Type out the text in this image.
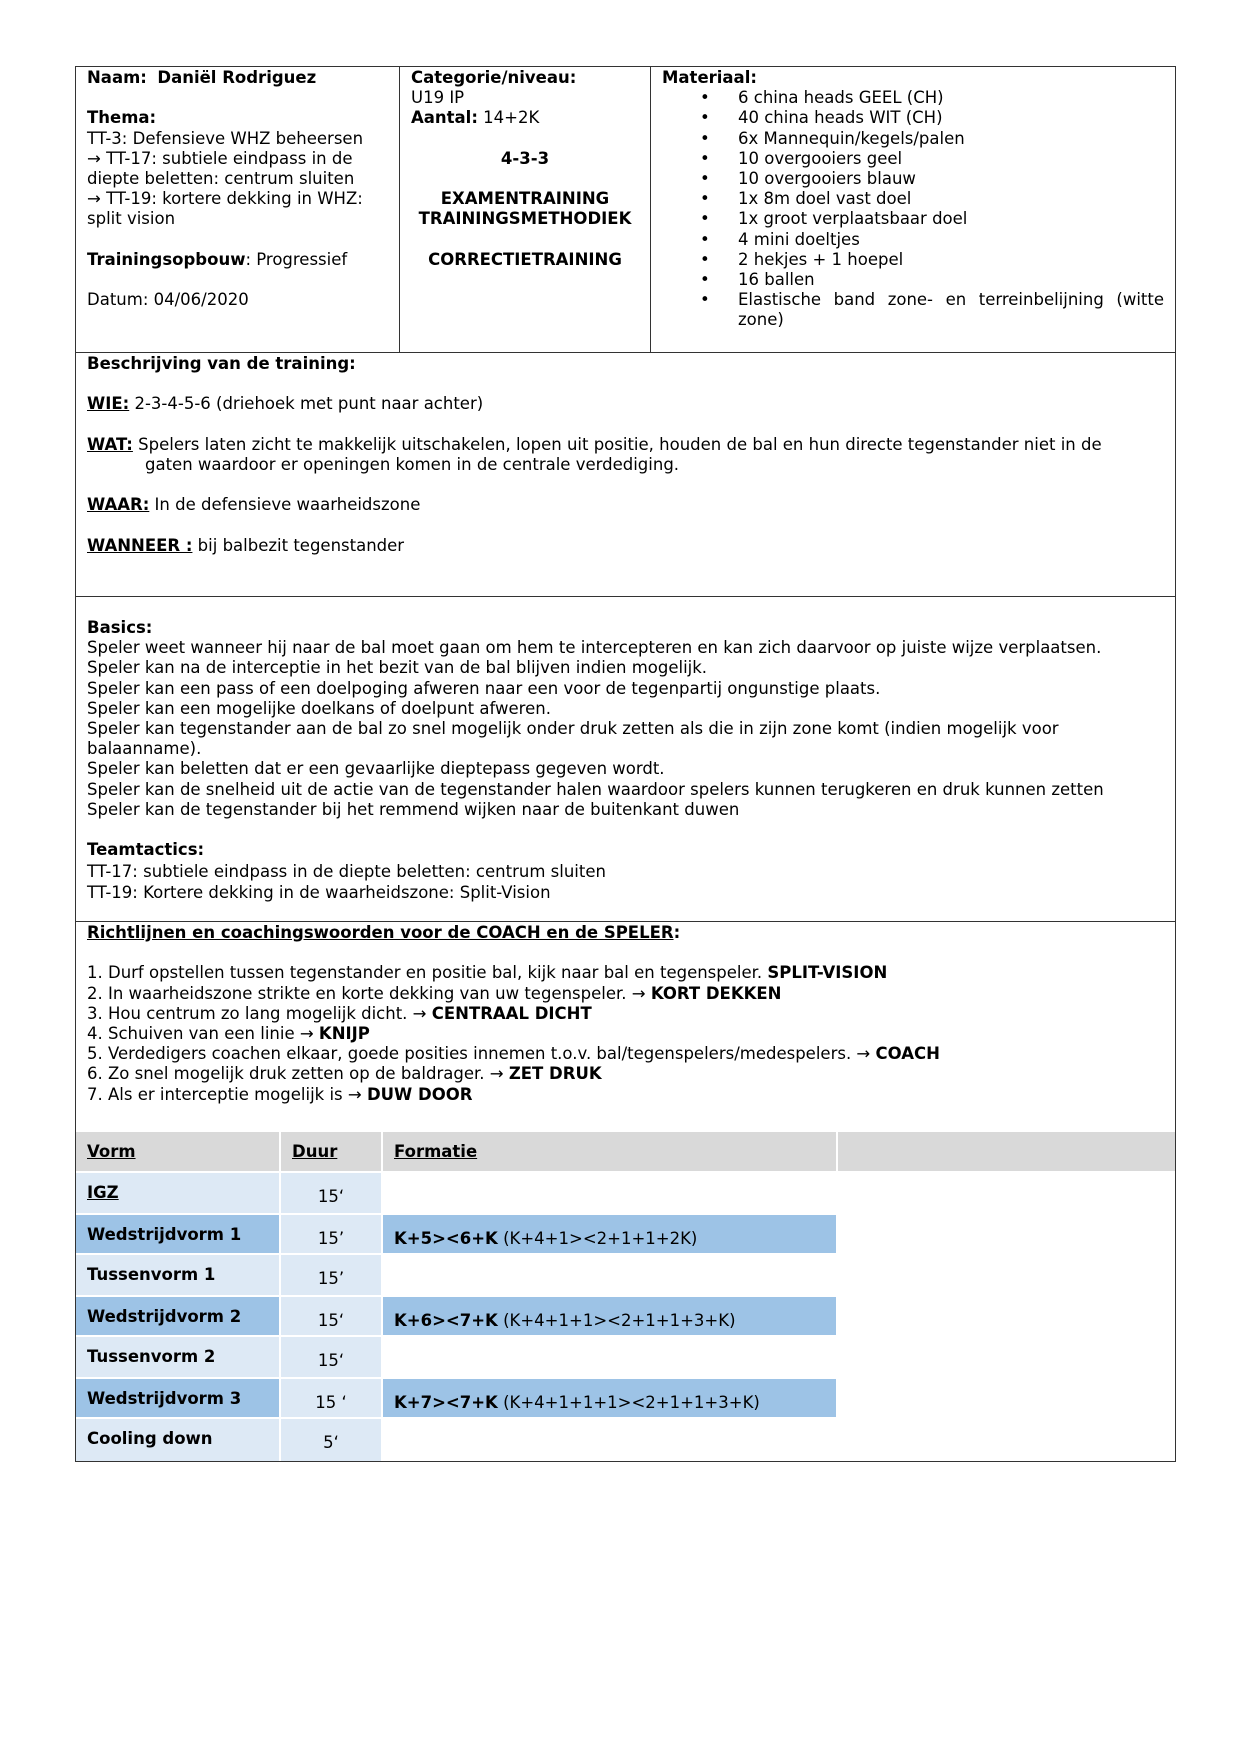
Naam: Daniël Rodriguez

Thema:

TT-3: Defensieve WHZ beheersen

→ TT-17: subtiele eindpass in de

diepte beletten: centrum sluiten

→ TT-19: kortere dekking in WHZ:

split vision

Trainingsopbouw: Progressief

Datum: 04/06/2020

Categorie/niveau:

U19 IP

Aantal: 14+2K

4-3-3

EXAMENTRAINING

TRAININGSMETHODIEK

CORRECTIETRAINING

Materiaal:

• 6 china heads GEEL (CH)
• 40 china heads WIT (CH)
• 6x Mannequin/kegels/palen
• 10 overgooiers geel
• 10 overgooiers blauw
• 1x 8m doel vast doel
• 1x groot verplaatsbaar doel
• 4 mini doeltjes
• 2 hekjes + 1 hoepel
• 16 ballen
• Elastische band zone- en terreinbelijning (witte zone)

Beschrijving van de training:

WIE: 2-3-4-5-6 (driehoek met punt naar achter)

WAT: Spelers laten zicht te makkelijk uitschakelen, lopen uit positie, houden de bal en hun directe tegenstander niet in de

gaten waardoor er openingen komen in de centrale verdediging.

WAAR: In de defensieve waarheidszone

WANNEER : bij balbezit tegenstander

Basics:

Speler weet wanneer hij naar de bal moet gaan om hem te intercepteren en kan zich daarvoor op juiste wijze verplaatsen.

Speler kan na de interceptie in het bezit van de bal blijven indien mogelijk.

Speler kan een pass of een doelpoging afweren naar een voor de tegenpartij ongunstige plaats.

Speler kan een mogelijke doelkans of doelpunt afweren.

Speler kan tegenstander aan de bal zo snel mogelijk onder druk zetten als die in zijn zone komt (indien mogelijk voor balaanname).

Speler kan beletten dat er een gevaarlijke dieptepass gegeven wordt.

Speler kan de snelheid uit de actie van de tegenstander halen waardoor spelers kunnen terugkeren en druk kunnen zetten

Speler kan de tegenstander bij het remmend wijken naar de buitenkant duwen

Teamtactics:

TT-17: subtiele eindpass in de diepte beletten: centrum sluiten

TT-19: Kortere dekking in de waarheidszone: Split-Vision

Richtlijnen en coachingswoorden voor de COACH en de SPELER:

1. Durf opstellen tussen tegenstander en positie bal, kijk naar bal en tegenspeler. SPLIT-VISION

2. In waarheidszone strikte en korte dekking van uw tegenspeler. → KORT DEKKEN

3. Hou centrum zo lang mogelijk dicht. → CENTRAAL DICHT

4. Schuiven van een linie → KNIJP

5. Verdedigers coachen elkaar, goede posities innemen t.o.v. bal/tegenspelers/medespelers. → COACH

6. Zo snel mogelijk druk zetten op de baldrager. → ZET DRUK

7. Als er interceptie mogelijk is → DUW DOOR

Vorm	Duur	Formatie
IGZ	15‘
Wedstrijdvorm 1	15’	K+5><6+K (K+4+1><2+1+1+2K)
Tussenvorm 1	15’
Wedstrijdvorm 2	15‘	K+6><7+K (K+4+1+1><2+1+1+3+K)
Tussenvorm 2	15‘
Wedstrijdvorm 3	15 ‘	K+7><7+K (K+4+1+1+1><2+1+1+3+K)
Cooling down	5‘
